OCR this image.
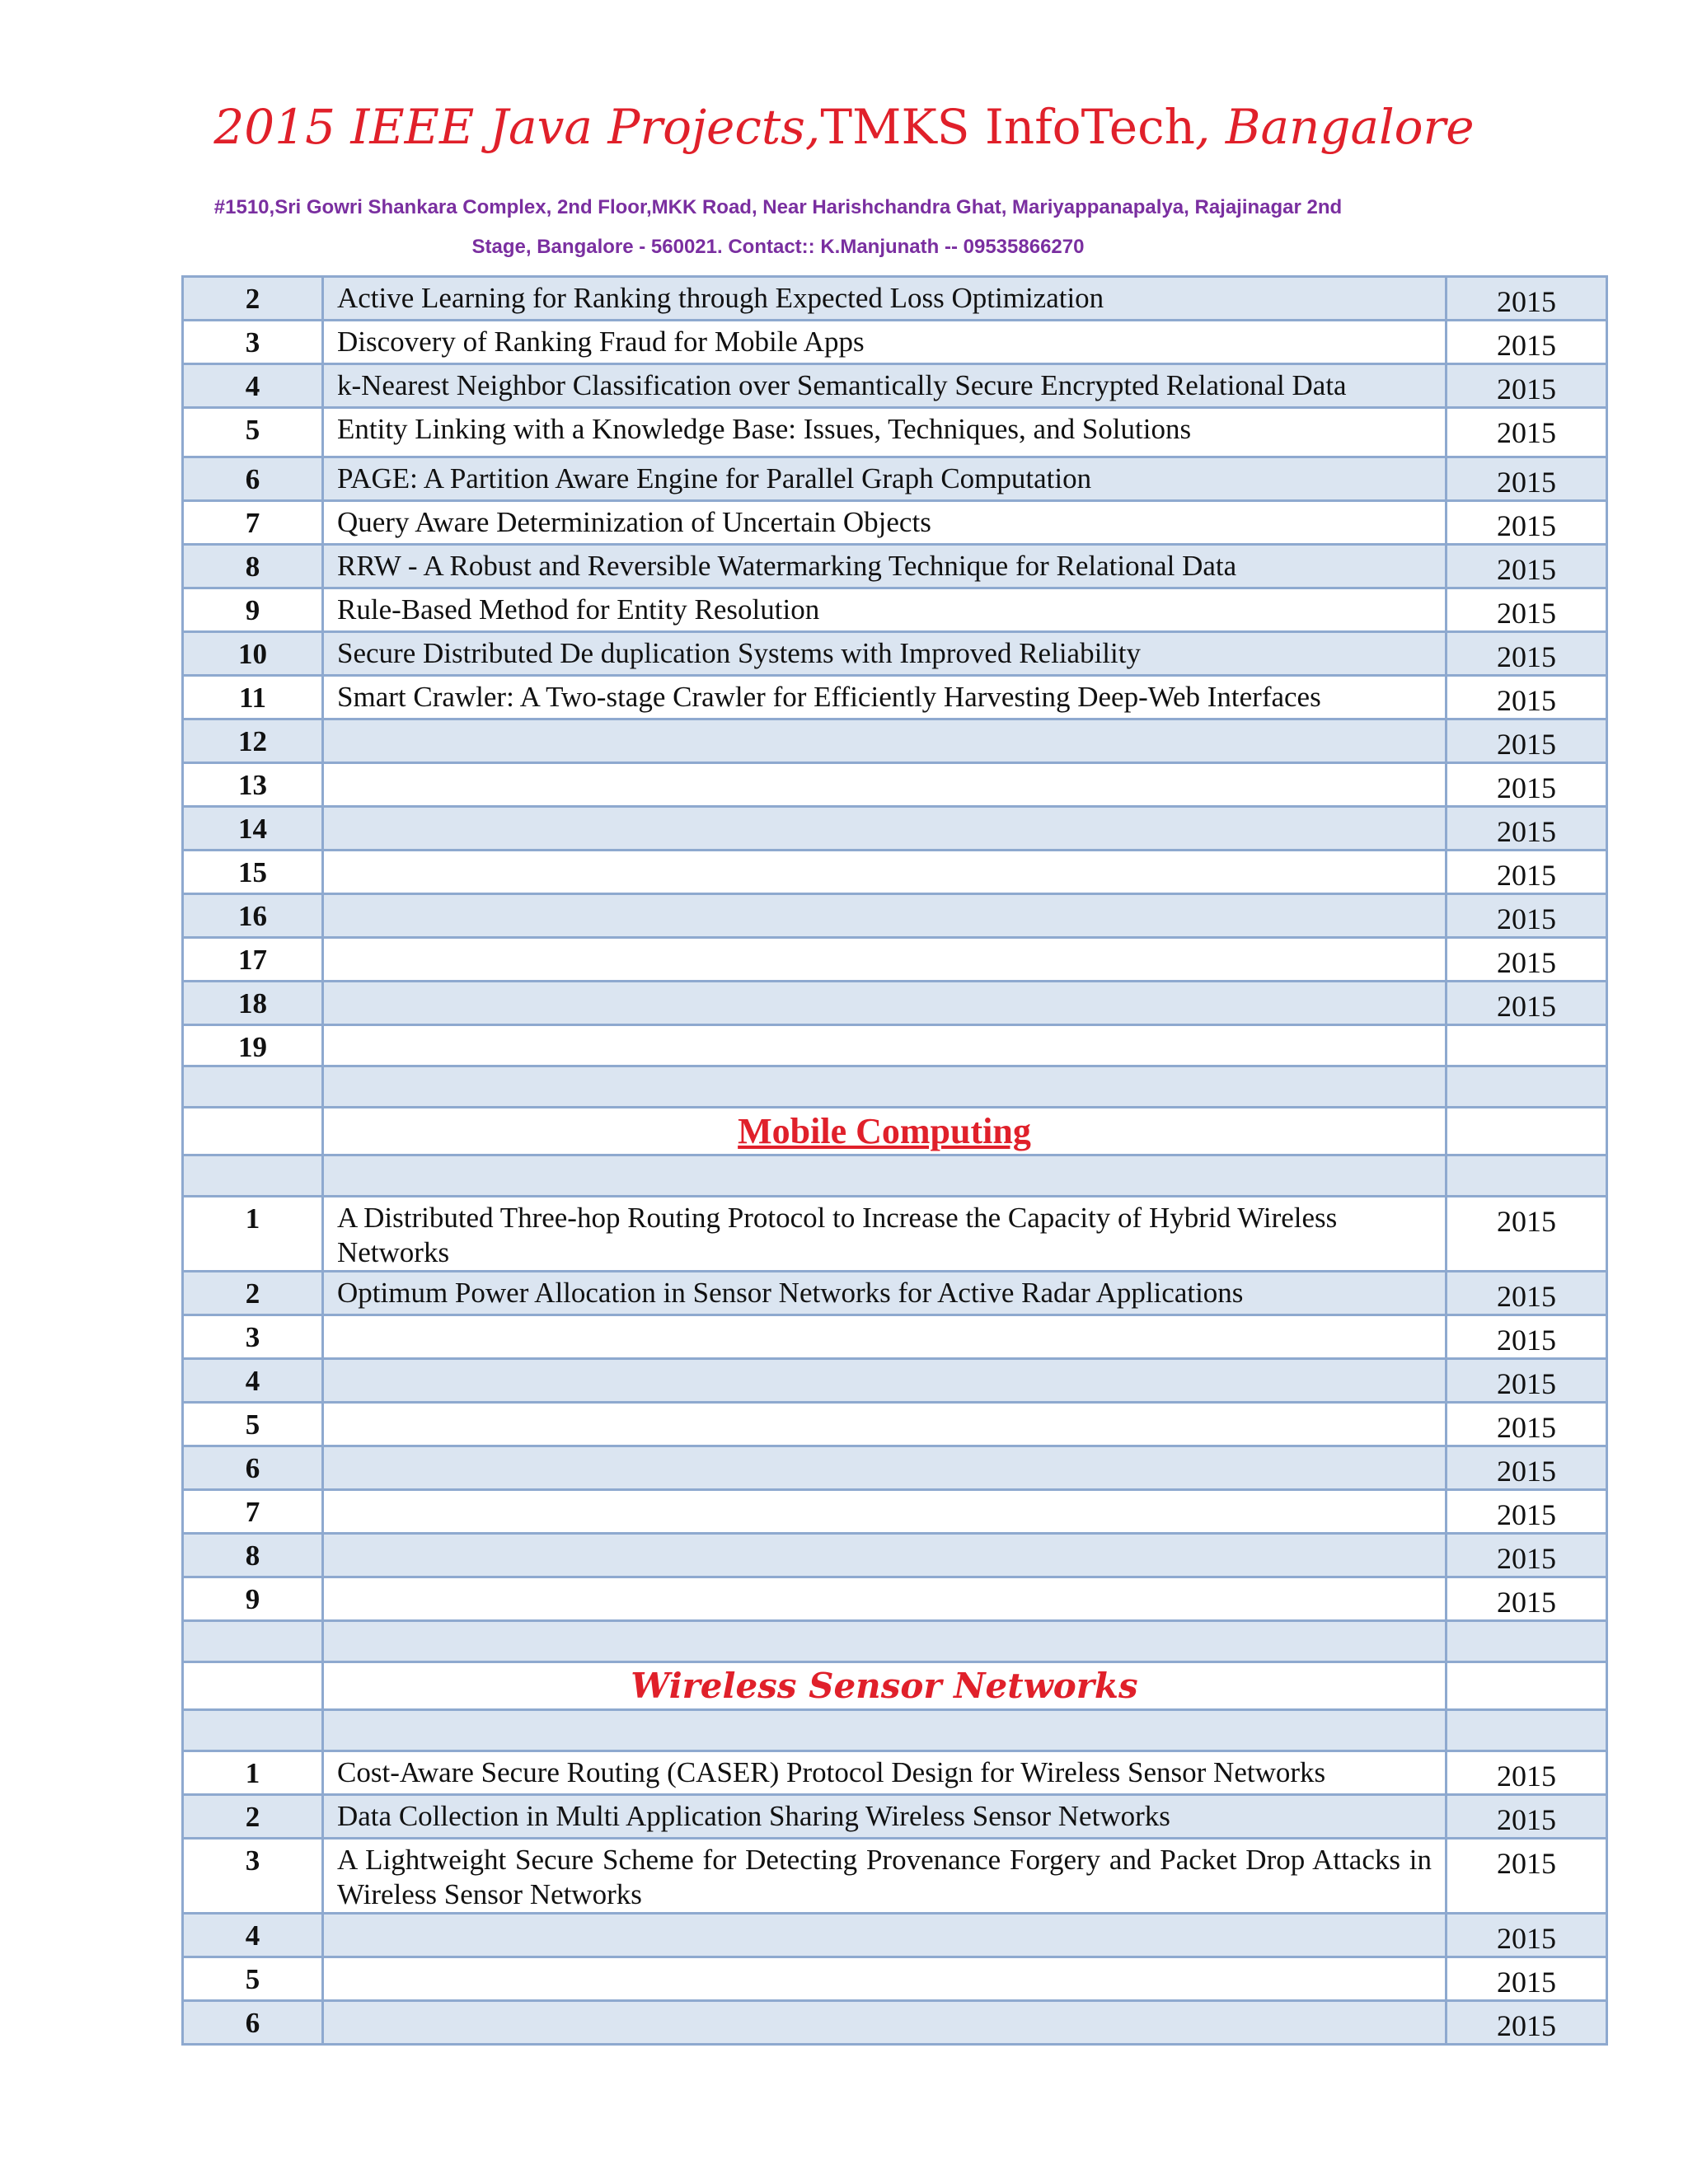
2015 IEEE Java Projects,TMKS InfoTech, Bangalore
#1510,Sri Gowri Shankara Complex, 2nd Floor,MKK Road, Near Harishchandra Ghat, Mariyappanapalya, Rajajinagar 2nd
Stage, Bangalore - 560021. Contact:: K.Manjunath -- 09535866270
2	Active Learning for Ranking through Expected Loss Optimization	2015
3	Discovery of Ranking Fraud for Mobile Apps	2015
4	k-Nearest Neighbor Classification over Semantically Secure Encrypted Relational Data	2015
5	Entity Linking with a Knowledge Base: Issues, Techniques, and Solutions	2015
6	PAGE: A Partition Aware Engine for Parallel Graph Computation	2015
7	Query Aware Determinization of Uncertain Objects	2015
8	RRW - A Robust and Reversible Watermarking Technique for Relational Data	2015
9	Rule-Based Method for Entity Resolution	2015
10	Secure Distributed De duplication Systems with Improved Reliability	2015
11	Smart Crawler: A Two-stage Crawler for Efficiently Harvesting Deep-Web Interfaces	2015
12		2015
13		2015
14		2015
15		2015
16		2015
17		2015
18		2015
19		

	Mobile Computing	

1	A Distributed Three-hop Routing Protocol to Increase the Capacity of Hybrid Wireless Networks	2015
2	Optimum Power Allocation in Sensor Networks for Active Radar Applications	2015
3		2015
4		2015
5		2015
6		2015
7		2015
8		2015
9		2015

	Wireless Sensor Networks	

1	Cost-Aware Secure Routing (CASER) Protocol Design for Wireless Sensor Networks	2015
2	Data Collection in Multi Application Sharing Wireless Sensor Networks	2015
3	A Lightweight Secure Scheme for Detecting Provenance Forgery and Packet Drop Attacks in Wireless Sensor Networks	2015
4		2015
5		2015
6		2015
